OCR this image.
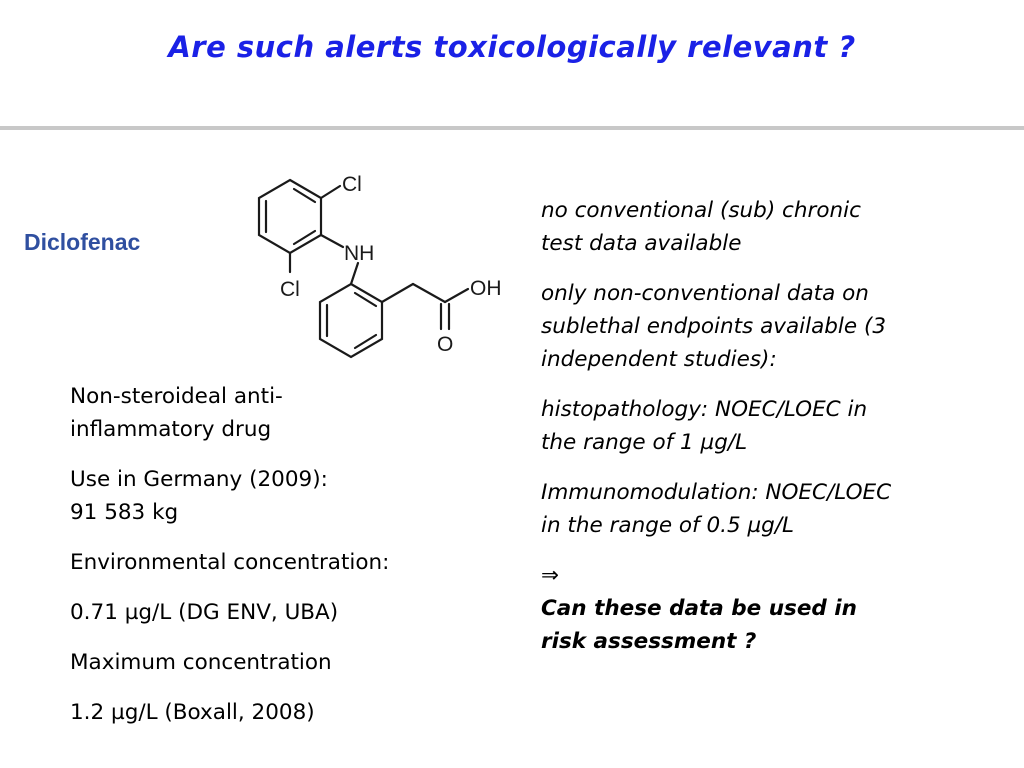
Are such alerts toxicologically relevant ?
Diclofenac
Cl
NH
Cl	OH
O
Non-steroideal anti-
inflammatory drug
Use in Germany (2009):
91 583 kg
Environmental concentration:
0.71 µg/L (DG ENV, UBA)
Maximum concentration
1.2 µg/L (Boxall, 2008)
no conventional (sub) chronic
test data available
only non-conventional data on
sublethal endpoints available (3
independent studies):
histopathology: NOEC/LOEC in
the range of 1 µg/L
Immunomodulation: NOEC/LOEC
in the range of 0.5 µg/L
⇒
Can these data be used in
risk assessment ?
